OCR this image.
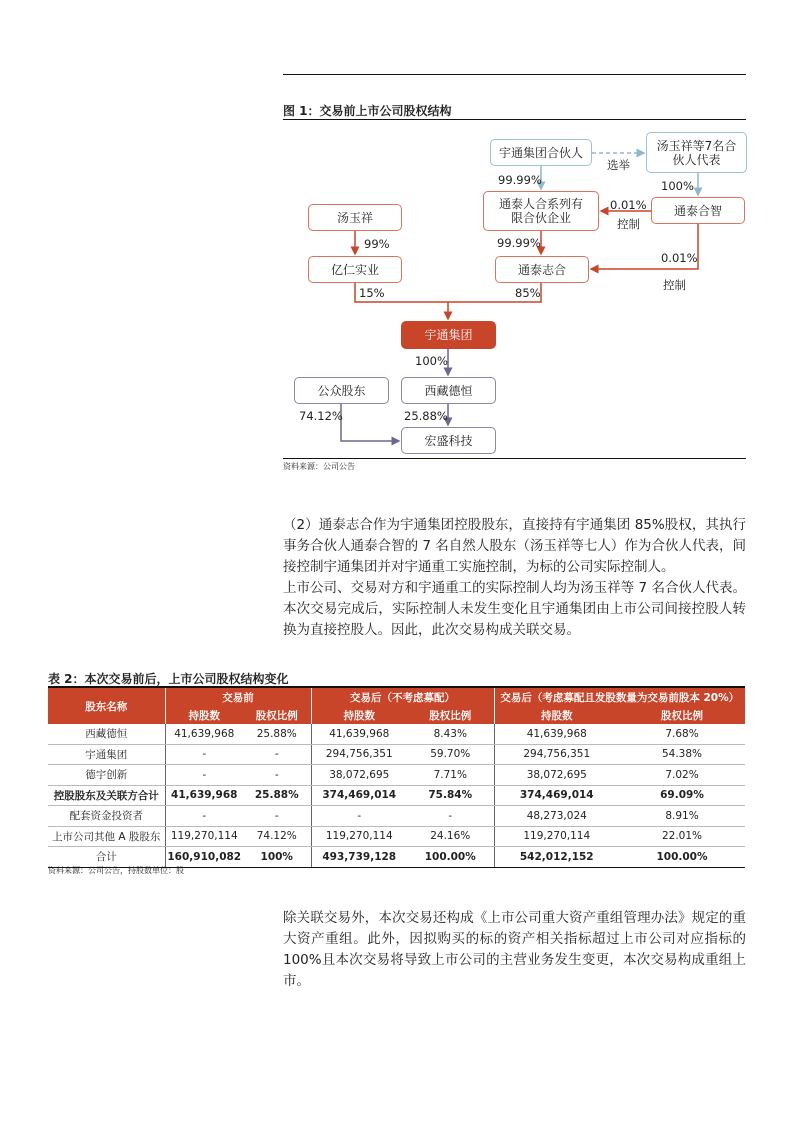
图 1：交易前上市公司股权结构
宇通集团合伙人	汤玉祥等7名合伙人代表
通泰人合系列有限合伙企业
通泰合智
汤玉祥
亿仁实业	通泰志合
宇通集团
公众股东	西藏德恒
宏盛科技
选举
99.99%	100%
0.01%
控制
99%	99.99%
0.01%
控制
15%	85%
100%
74.12%	25.88%
资料来源：公司公告
（2）通泰志合作为宇通集团控股股东，直接持有宇通集团 85%股权，其执行事务合伙人通泰合智的 7 名自然人股东（汤玉祥等七人）作为合伙人代表，间接控制宇通集团并对宇通重工实施控制，为标的公司实际控制人。
上市公司、交易对方和宇通重工的实际控制人均为汤玉祥等 7 名合伙人代表。本次交易完成后，实际控制人未发生变化且宇通集团由上市公司间接控股人转换为直接控股人。因此，此次交易构成关联交易。
表 2：本次交易前后，上市公司股权结构变化
股东名称	交易前		交易后（不考虑募配）		交易后（考虑募配且发股数量为交易前股本 20%）	
	持股数	股权比例	持股数	股权比例	持股数	股权比例
西藏德恒	41,639,968	25.88%	41,639,968	8.43%	41,639,968	7.68%
宇通集团	-	-	294,756,351	59.70%	294,756,351	54.38%
德宇创新	-	-	38,072,695	7.71%	38,072,695	7.02%
控股股东及关联方合计	41,639,968	25.88%	374,469,014	75.84%	374,469,014	69.09%
配套资金投资者	-	-	-	-	48,273,024	8.91%
上市公司其他 A 股股东	119,270,114	74.12%	119,270,114	24.16%	119,270,114	22.01%
合计	160,910,082	100%	493,739,128	100.00%	542,012,152	100.00%
资料来源：公司公告，持股数单位：股
除关联交易外，本次交易还构成《上市公司重大资产重组管理办法》规定的重大资产重组。此外，因拟购买的标的资产相关指标超过上市公司对应指标的 100%且本次交易将导致上市公司的主营业务发生变更，本次交易构成重组上市。
